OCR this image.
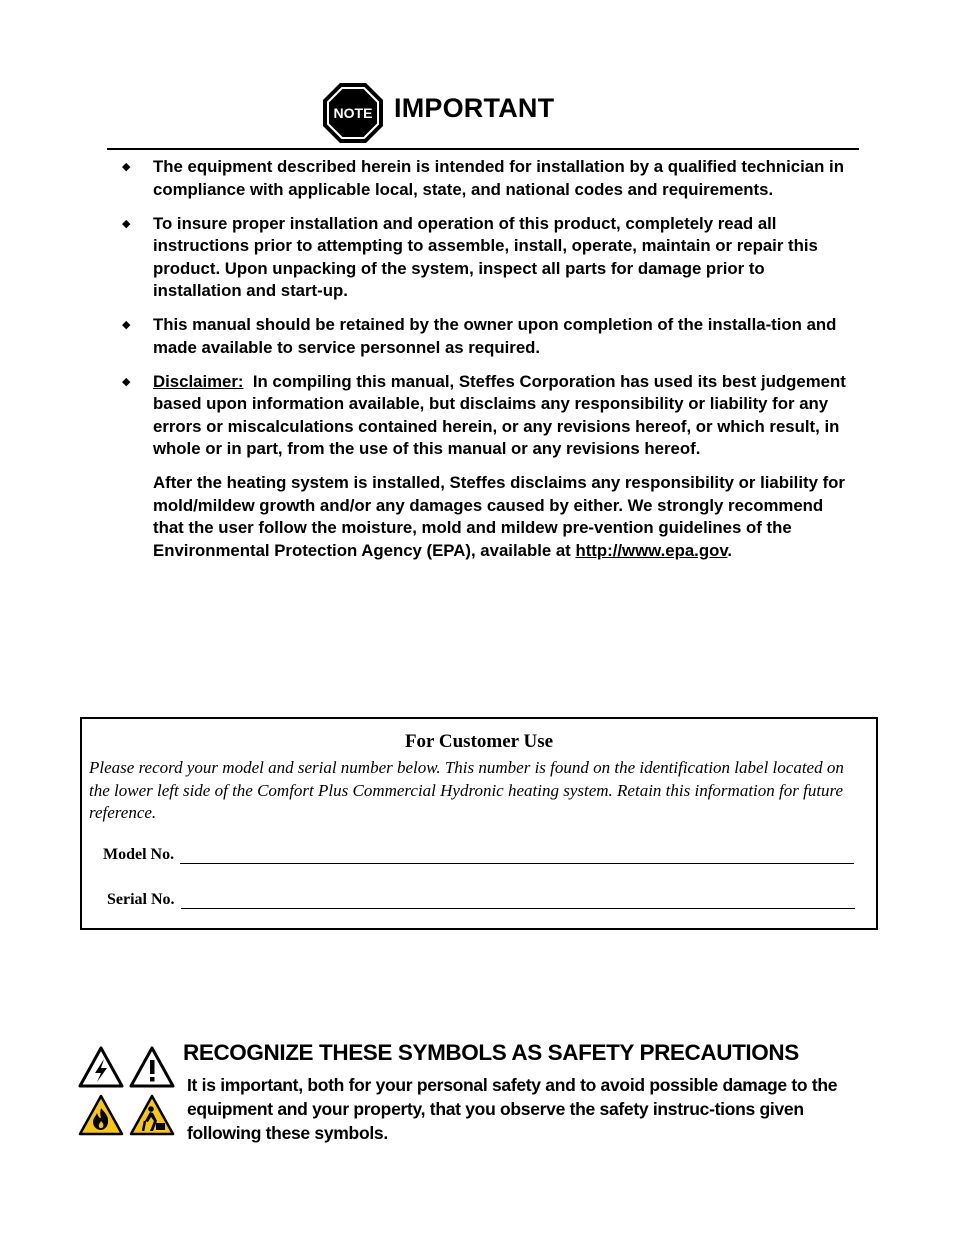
NOTE IMPORTANT
◆ The equipment described herein is intended for installation by a qualified technician in compliance with applicable local, state, and national codes and requirements.
◆ To insure proper installation and operation of this product, completely read all instructions prior to attempting to assemble, install, operate, maintain or repair this product. Upon unpacking of the system, inspect all parts for damage prior to installation and start-up.
◆ This manual should be retained by the owner upon completion of the installa-tion and made available to service personnel as required.
◆ Disclaimer: In compiling this manual, Steffes Corporation has used its best judgement based upon information available, but disclaims any responsibility or liability for any errors or miscalculations contained herein, or any revisions hereof, or which result, in whole or in part, from the use of this manual or any revisions hereof.
After the heating system is installed, Steffes disclaims any responsibility or liability for mold/mildew growth and/or any damages caused by either. We strongly recommend that the user follow the moisture, mold and mildew pre-vention guidelines of the Environmental Protection Agency (EPA), available at http://www.epa.gov.
For Customer Use
Please record your model and serial number below. This number is found on the identification label located on the lower left side of the Comfort Plus Commercial Hydronic heating system. Retain this information for future reference.
Model No.
Serial No.
RECOGNIZE THESE SYMBOLS AS SAFETY PRECAUTIONS
It is important, both for your personal safety and to avoid possible damage to the equipment and your property, that you observe the safety instruc-tions given following these symbols.
